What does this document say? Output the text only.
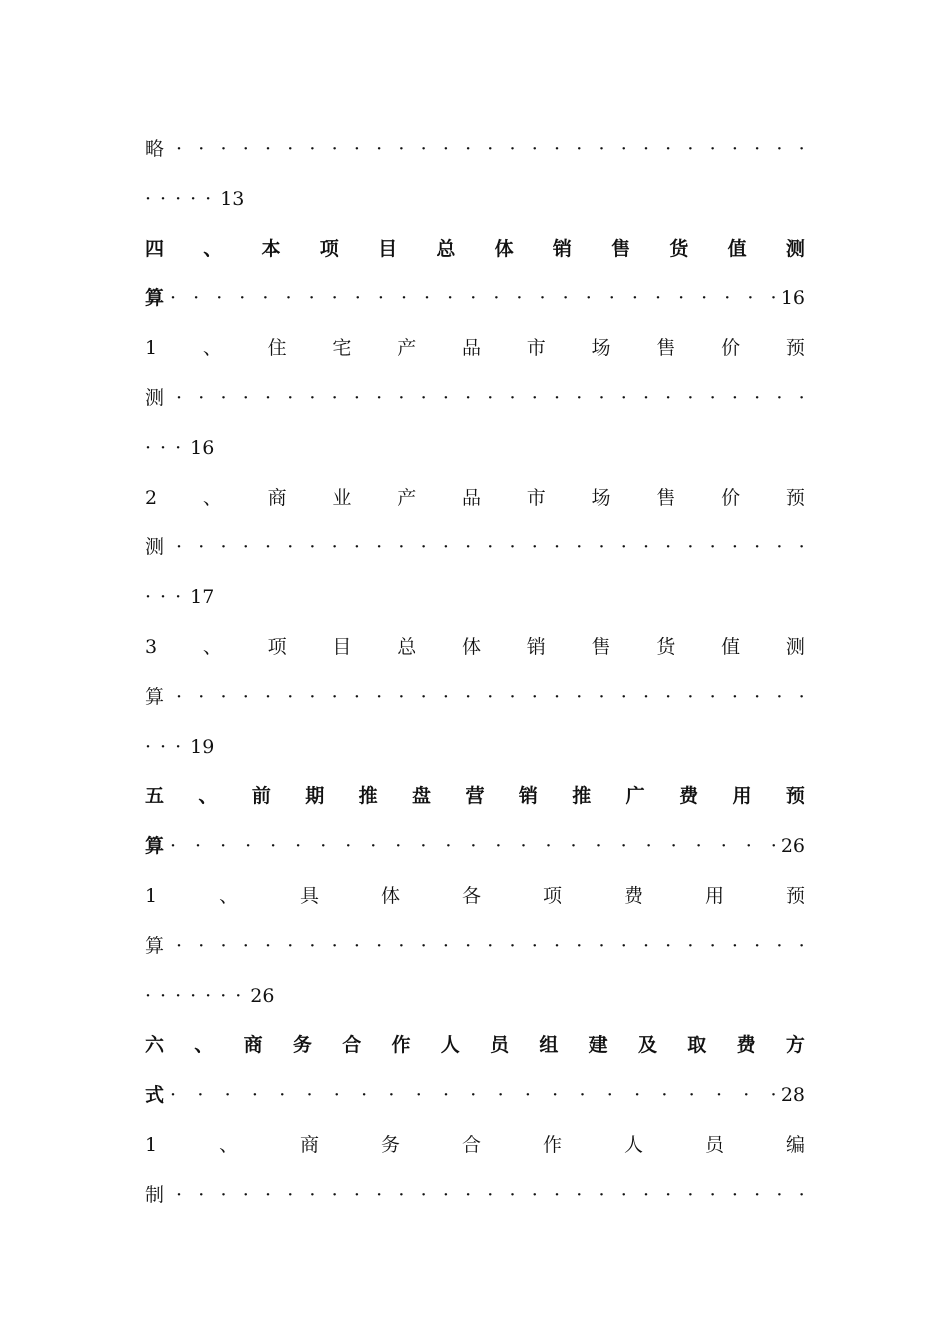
略 · · · · · · · · · · · · · · · · · · · · · · · · · · · · ·
·····13
四 、 本 项 目 总 体 销 售 货 值 测
算 · · · · · · · · · · · · · · · · · · · · · · · · · · · 16
1 、 住 宅 产 品 市 场 售 价 预
测 · · · · · · · · · · · · · · · · · · · · · · · · · · · · ·
···16
2 、 商 业 产 品 市 场 售 价 预
测 · · · · · · · · · · · · · · · · · · · · · · · · · · · · ·
···17
3 、 项 目 总 体 销 售 货 值 测
算 · · · · · · · · · · · · · · · · · · · · · · · · · · · · ·
···19
五 、 前 期 推 盘 营 销 推 广 费 用 预
算 · · · · · · · · · · · · · · · · · · · · · · · · · 26
1	、	具	体	各	项	费	用	预
算 · · · · · · · · · · · · · · · · · · · · · · · · · · · · ·
·······26
六 、 商 务 合 作 人 员 组 建 及 取 费 方
式 · · · · · · · · · · · · · · · · · · · · · · · 28
1	、	商	务	合	作	人	员	编
制 · · · · · · · · · · · · · · · · · · · · · · · · · · · · ·
